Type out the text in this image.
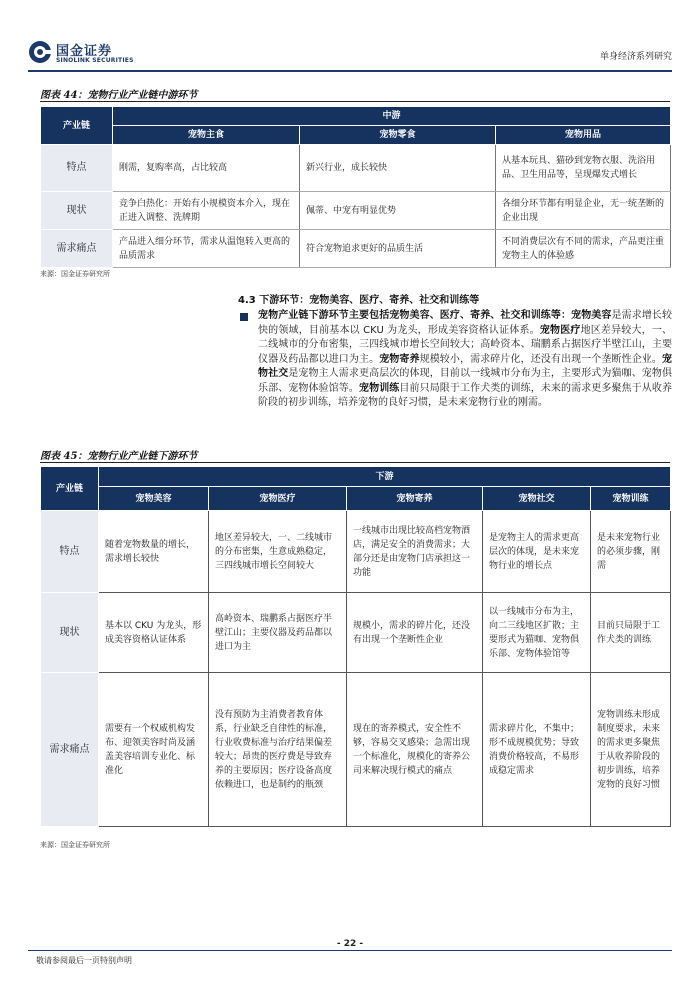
国金证券
SINOLINK SECURITIES	单身经济系列研究
图表 44：宠物行业产业链中游环节
产业链	中游		
	宠物主食	宠物零食	宠物用品
特点	刚需，复购率高，占比较高	新兴行业，成长较快	从基本玩具、猫砂到宠物衣服、洗浴用品、卫生用品等，呈现爆发式增长
现状	竞争白热化：开始有小规模资本介入，现在正进入调整、洗牌期	佩蒂、中宠有明显优势	各细分环节都有明显企业，无一统垄断的企业出现
需求痛点	产品进入细分环节，需求从温饱转入更高的品质需求	符合宠物追求更好的品质生活	不同消费层次有不同的需求，产品更注重宠物主人的体验感
来源：国金证券研究所
4.3 下游环节：宠物美容、医疗、寄养、社交和训练等
宠物产业链下游环节主要包括宠物美容、医疗、寄养、社交和训练等：宠物美容是需求增长较快的领域，目前基本以 CKU 为龙头，形成美容资格认证体系。宠物医疗地区差异较大，一、二线城市的分布密集，三四线城市增长空间较大；高岭资本、瑞鹏系占据医疗半壁江山，主要仪器及药品都以进口为主。宠物寄养规模较小，需求碎片化，还没有出现一个垄断性企业。宠物社交是宠物主人需求更高层次的体现，目前以一线城市分布为主，主要形式为猫咖、宠物俱乐部、宠物体验馆等。宠物训练目前只局限于工作犬类的训练，未来的需求更多聚焦于从收养阶段的初步训练，培养宠物的良好习惯，是未来宠物行业的刚需。
图表 45：宠物行业产业链下游环节
产业链	下游				
	宠物美容	宠物医疗	宠物寄养	宠物社交	宠物训练
特点	随着宠物数量的增长，需求增长较快	地区差异较大，一、二线城市的分布密集，生意成熟稳定，三四线城市增长空间较大	一线城市出现比较高档宠物酒店，满足安全的消费需求；大部分还是由宠物门店承担这一功能	是宠物主人的需求更高层次的体现，是未来宠物行业的增长点	是未来宠物行业的必须步骤，刚需
现状	基本以 CKU 为龙头，形成美容资格认证体系	高岭资本、瑞鹏系占据医疗半壁江山；主要仪器及药品都以进口为主	规模小，需求的碎片化，还没有出现一个垄断性企业	以一线城市分布为主，向二三线地区扩散；主要形式为猫咖、宠物俱乐部、宠物体验馆等	目前只局限于工作犬类的训练
需求痛点	需要有一个权威机构发布、迎领美容时尚及涵盖美容培训专业化、标准化	没有预防为主消费者教育体系，行业缺乏自律性的标准，行业收费标准与治疗结果偏差较大；昂贵的医疗费是导致弃养的主要原因；医疗设备高度依赖进口，也是制约的瓶颈	现在的寄养模式，安全性不够，容易交叉感染；急需出现一个标准化，规模化的寄养公司来解决现行模式的痛点	需求碎片化，不集中；形不成规模优势；导致消费价格较高，不易形成稳定需求	宠物训练未形成制度要求，未来的需求更多聚焦于从收养阶段的初步训练，培养宠物的良好习惯
来源：国金证券研究所
- 22 -
敬请参阅最后一页特别声明
